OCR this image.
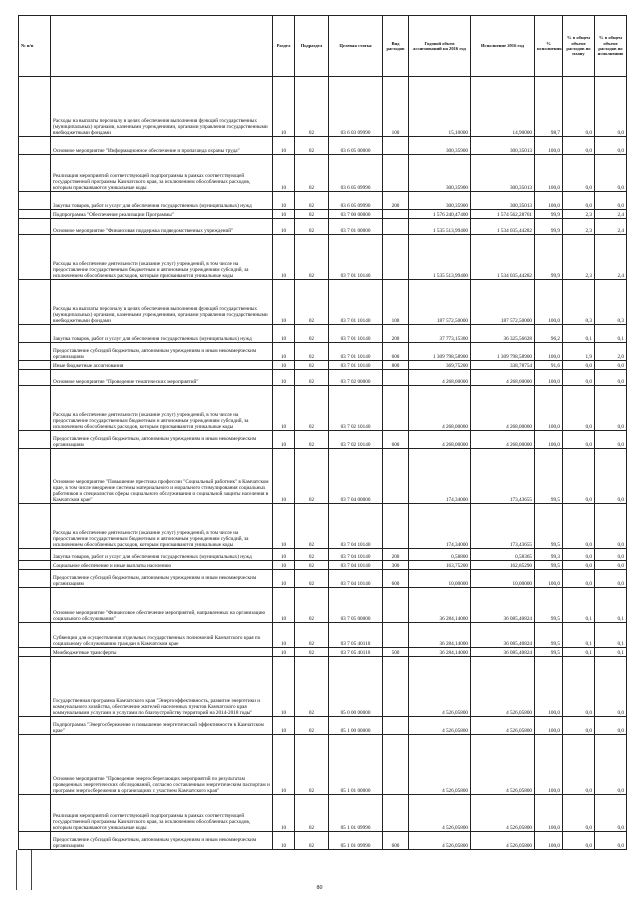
№ п/п		Раздел	Подраздел	Целевая статья	Вид расходов	Годовой объем ассигнований на 2016 год	Исполнение 2016 год	% исполнения	% в общем объеме расходов по плану	% в общем объеме расходов по исполнению
	Расходы на выплаты персоналу в целях обеспечения выполнения функций государственных (муниципальных) органами, казенными учреждениями, органами управления государственными внебюджетными фондами	10	02	03 6 03 09990	100	15,10000	14,90000	98,7	0,0	0,0
	Основное мероприятие "Информационное обеспечение и пропаганда охраны труда"	10	02	03 6 05 00000		300,35900	300,35013	100,0	0,0	0,0
	Реализация мероприятий соответствующей подпрограммы в рамках соответствующей государственной программы Камчатского края, за исключением обособленных расходов, которым присваиваются уникальные коды	10	02	03 6 05 09990		300,35900	300,35013	100,0	0,0	0,0
	Закупка товаров, работ и услуг для обеспечения государственных (муниципальных) нужд	10	02	03 6 05 09990	200	300,35900	300,35013	100,0	0,0	0,0
	Подпрограмма "Обеспечение реализации Программы"	10	02	03 7 00 00000		1 576 240,47400	1 574 562,28761	99,9	2,3	2,4
	Основное мероприятие "Финансовая поддержка подведомственных учреждений"	10	02	03 7 01 00000		1 535 513,99400	1 534 035,44282	99,9	2,3	2,4
	Расходы на обеспечение деятельности (оказание услуг) учреждений, в том числе на предоставление государственным бюджетным и автономным учреждениям субсидий, за исключением обособленных расходов, которым присваиваются уникальные коды	10	02	03 7 01 10140		1 535 513,99400	1 534 035,44282	99,9	2,3	2,4
	Расходы на выплаты персоналу в целях обеспечения выполнения функций государственных (муниципальных) органами, казенными учреждениями, органами управления государственными внебюджетными фондами	10	02	03 7 01 10140	100	187 572,50000	187 572,50000	100,0	0,3	0,3
	Закупка товаров, работ и услуг для обеспечения государственных (муниципальных) нужд	10	02	03 7 01 10140	200	37 773,15300	36 325,56628	96,2	0,1	0,1
	Предоставление субсидий бюджетным, автономным учреждениям и иным некоммерческим организациям	10	02	03 7 01 10140	600	1 309 798,58900	1 309 798,58900	100,0	1,9	2,0
	Иные бюджетные ассигнования	10	02	03 7 01 10140	800	369,75200	338,78754	91,6	0,0	0,0
	Основное мероприятие "Проведение тематических мероприятий"	10	02	03 7 02 00000		4 268,00000	4 268,00000	100,0	0,0	0,0
	Расходы на обеспечение деятельности (оказание услуг) учреждений, в том числе на предоставление государственным бюджетным и автономным учреждениям субсидий, за исключением обособленных расходов, которым присваиваются уникальные коды	10	02	03 7 02 10140		4 268,00000	4 268,00000	100,0	0,0	0,0
	Предоставление субсидий бюджетным, автономным учреждениям и иным некоммерческим организациям	10	02	03 7 02 10140	600	4 268,00000	4 268,00000	100,0	0,0	0,0
	Основное мероприятие "Повышение престижа профессии "Социальный работник" в Камчатском крае, в том числе внедрение системы материального и морального стимулирования социальных работников и специалистов сферы социального обслуживания и социальной защиты населения в Камчатском крае"	10	02	03 7 04 00000		174,34000	173,43655	99,5	0,0	0,0
	Расходы на обеспечение деятельности (оказание услуг) учреждений, в том числе на предоставление государственным бюджетным и автономным учреждениям субсидий, за исключением обособленных расходов, которым присваиваются уникальные коды	10	02	03 7 04 10140		174,34000	173,43655	99,5	0,0	0,0
	Закупка товаров, работ и услуг для обеспечения государственных (муниципальных) нужд	10	02	03 7 04 10140	200	0,58800	0,58365	99,3	0,0	0,0
	Социальное обеспечение и иные выплаты населению	10	02	03 7 04 10140	300	163,75200	162,85290	99,5	0,0	0,0
	Предоставление субсидий бюджетным, автономным учреждениям и иным некоммерческим организациям	10	02	03 7 04 10140	600	10,00000	10,00000	100,0	0,0	0,0
	Основное мероприятие "Финансовое обеспечение мероприятий, направленных на организацию социального обслуживания"	10	02	03 7 05 00000		36 284,14000	36 085,40824	99,5	0,1	0,1
	Субвенции для осуществления отдельных государственных полномочий Камчатского края по социальному обслуживанию граждан в Камчатском крае	10	02	03 7 05 40110		36 284,14000	36 085,40824	99,5	0,1	0,1
	Межбюджетные трансферты	10	02	03 7 05 40110	500	36 284,14000	36 085,40824	99,5	0,1	0,1
	Государственная программа Камчатского края "Энергоэффективность, развитие энергетики и коммунального хозяйства, обеспечение жителей населенных пунктов Камчатского края коммунальными услугами и услугами по благоустройству территорий на 2014-2018 годы"	10	02	05 0 00 00000		4 526,05800	4 526,05800	100,0	0,0	0,0
	Подпрограмма "Энергосбережение и повышение энергетической эффективности в Камчатском крае"	10	02	05 1 00 00000		4 526,05800	4 526,05800	100,0	0,0	0,0
	Основное мероприятие "Проведение энергосберегающих мероприятий по результатам проведенных энергетических обследований, согласно составленным энергетическим паспортам и программ энергосбережения в организациях с участием Камчатского края"	10	02	05 1 01 00000		4 526,05800	4 526,05800	100,0	0,0	0,0
	Реализация мероприятий соответствующей подпрограммы в рамках соответствующей государственной программы Камчатского края, за исключением обособленных расходов, которым присваиваются уникальные коды	10	02	05 1 01 09990		4 526,05800	4 526,05800	100,0	0,0	0,0
	Предоставление субсидий бюджетным, автономным учреждениям и иным некоммерческим организациям	10	02	05 1 01 09990	600	4 526,05800	4 526,05800	100,0	0,0	0,0
80
